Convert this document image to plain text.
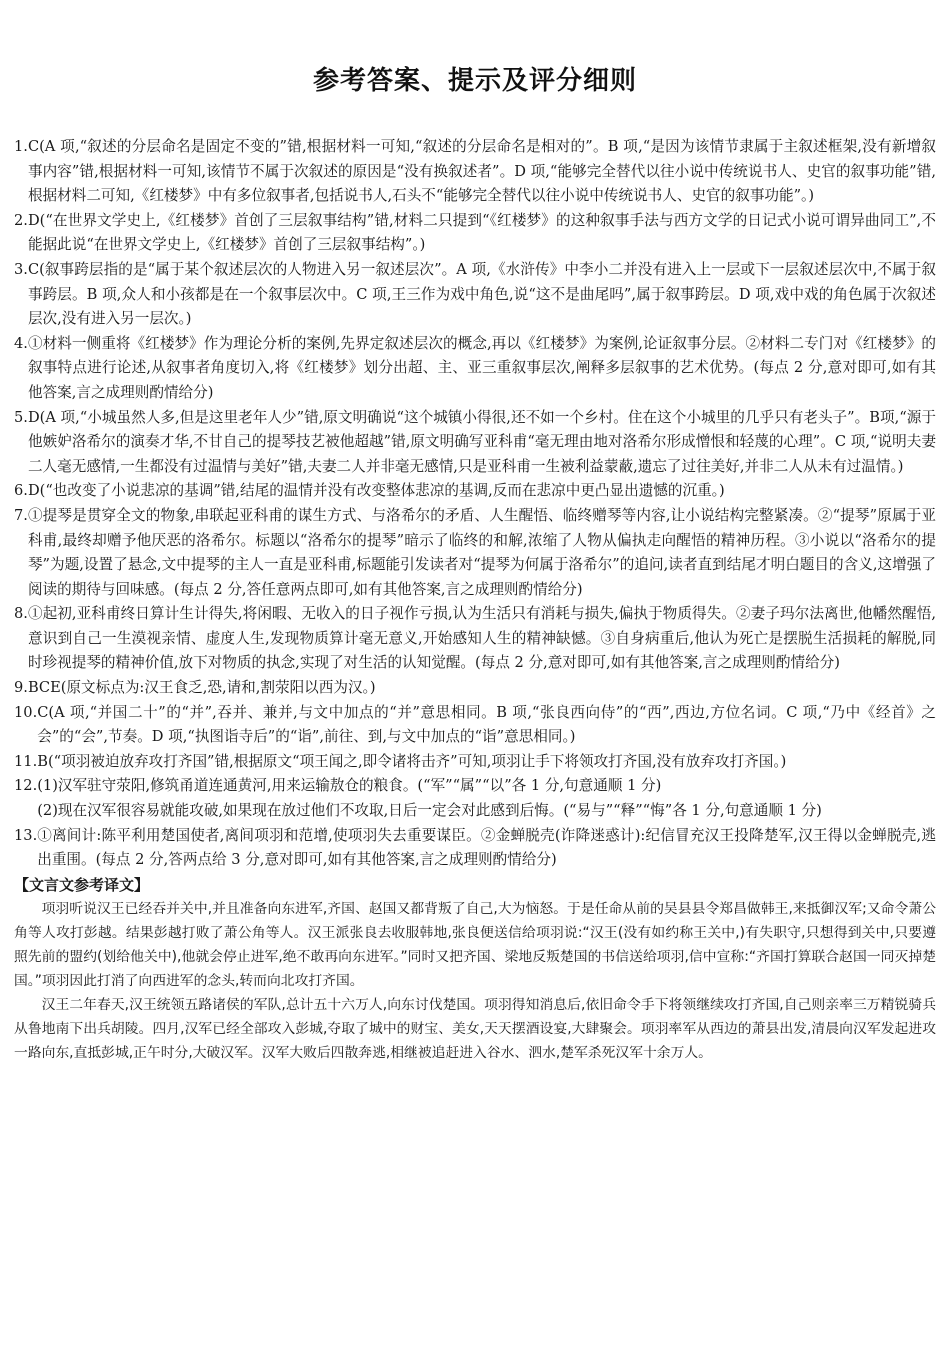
参考答案、提示及评分细则
1. C(A 项,“叙述的分层命名是固定不变的”错,根据材料一可知,“叙述的分层命名是相对的”。B 项,“是因为该情节隶属于主叙述框架,没有新增叙事内容”错,根据材料一可知,该情节不属于次叙述的原因是“没有换叙述者”。D 项,“能够完全替代以往小说中传统说书人、史官的叙事功能”错,根据材料二可知,《红楼梦》中有多位叙事者,包括说书人,石头不“能够完全替代以往小说中传统说书人、史官的叙事功能”。)
2. D(“在世界文学史上,《红楼梦》首创了三层叙事结构”错,材料二只提到“《红楼梦》的这种叙事手法与西方文学的日记式小说可谓异曲同工”,不能据此说“在世界文学史上,《红楼梦》首创了三层叙事结构”。)
3. C(叙事跨层指的是“属于某个叙述层次的人物进入另一叙述层次”。A 项,《水浒传》中李小二并没有进入上一层或下一层叙述层次中,不属于叙事跨层。B 项,众人和小孩都是在一个叙事层次中。C 项,王三作为戏中角色,说“这不是曲尾吗”,属于叙事跨层。D 项,戏中戏的角色属于次叙述层次,没有进入另一层次。)
4. ①材料一侧重将《红楼梦》作为理论分析的案例,先界定叙述层次的概念,再以《红楼梦》为案例,论证叙事分层。②材料二专门对《红楼梦》的叙事特点进行论述,从叙事者角度切入,将《红楼梦》划分出超、主、亚三重叙事层次,阐释多层叙事的艺术优势。(每点 2 分,意对即可,如有其他答案,言之成理则酌情给分)
5. D(A 项,“小城虽然人多,但是这里老年人少”错,原文明确说“这个城镇小得很,还不如一个乡村。住在这个小城里的几乎只有老头子”。B项,“源于他嫉妒洛希尔的演奏才华,不甘自己的提琴技艺被他超越”错,原文明确写亚科甫“毫无理由地对洛希尔形成憎恨和轻蔑的心理”。C 项,“说明夫妻二人毫无感情,一生都没有过温情与美好”错,夫妻二人并非毫无感情,只是亚科甫一生被利益蒙蔽,遗忘了过往美好,并非二人从未有过温情。)
6. D(“也改变了小说悲凉的基调”错,结尾的温情并没有改变整体悲凉的基调,反而在悲凉中更凸显出遗憾的沉重。)
7. ①提琴是贯穿全文的物象,串联起亚科甫的谋生方式、与洛希尔的矛盾、人生醒悟、临终赠琴等内容,让小说结构完整紧凑。②“提琴”原属于亚科甫,最终却赠予他厌恶的洛希尔。标题以“洛希尔的提琴”暗示了临终的和解,浓缩了人物从偏执走向醒悟的精神历程。③小说以“洛希尔的提琴”为题,设置了悬念,文中提琴的主人一直是亚科甫,标题能引发读者对“提琴为何属于洛希尔”的追问,读者直到结尾才明白题目的含义,这增强了阅读的期待与回味感。(每点 2 分,答任意两点即可,如有其他答案,言之成理则酌情给分)
8. ①起初,亚科甫终日算计生计得失,将闲暇、无收入的日子视作亏损,认为生活只有消耗与损失,偏执于物质得失。②妻子玛尔法离世,他幡然醒悟,意识到自己一生漠视亲情、虚度人生,发现物质算计毫无意义,开始感知人生的精神缺憾。③自身病重后,他认为死亡是摆脱生活损耗的解脱,同时珍视提琴的精神价值,放下对物质的执念,实现了对生活的认知觉醒。(每点 2 分,意对即可,如有其他答案,言之成理则酌情给分)
9. BCE(原文标点为:汉王食乏,恐,请和,割荥阳以西为汉。)
10. C(A 项,“并国二十”的“并”,吞并、兼并,与文中加点的“并”意思相同。B 项,“张良西向侍”的“西”,西边,方位名词。C 项,“乃中《经首》之会”的“会”,节奏。D 项,“执图诣寺后”的“诣”,前往、到,与文中加点的“诣”意思相同。)
11. B(“项羽被迫放弃攻打齐国”错,根据原文“项王闻之,即令诸将击齐”可知,项羽让手下将领攻打齐国,没有放弃攻打齐国。)
12. (1)汉军驻守荥阳,修筑甬道连通黄河,用来运输敖仓的粮食。(“军”“属”“以”各 1 分,句意通顺 1 分)
(2)现在汉军很容易就能攻破,如果现在放过他们不攻取,日后一定会对此感到后悔。(“易与”“释”“悔”各 1 分,句意通顺 1 分)
13. ①离间计:陈平利用楚国使者,离间项羽和范增,使项羽失去重要谋臣。②金蝉脱壳(诈降迷惑计):纪信冒充汉王投降楚军,汉王得以金蝉脱壳,逃出重围。(每点 2 分,答两点给 3 分,意对即可,如有其他答案,言之成理则酌情给分)
【文言文参考译文】

项羽听说汉王已经吞并关中,并且准备向东进军,齐国、赵国又都背叛了自己,大为恼怒。于是任命从前的吴县县令郑昌做韩王,来抵御汉军;又命令萧公角等人攻打彭越。结果彭越打败了萧公角等人。汉王派张良去收服韩地,张良便送信给项羽说:“汉王(没有如约称王关中,)有失职守,只想得到关中,只要遵照先前的盟约(划给他关中),他就会停止进军,绝不敢再向东进军。”同时又把齐国、梁地反叛楚国的书信送给项羽,信中宣称:“齐国打算联合赵国一同灭掉楚国。”项羽因此打消了向西进军的念头,转而向北攻打齐国。

汉王二年春天,汉王统领五路诸侯的军队,总计五十六万人,向东讨伐楚国。项羽得知消息后,依旧命令手下将领继续攻打齐国,自己则亲率三万精锐骑兵从鲁地南下出兵胡陵。四月,汉军已经全部攻入彭城,夺取了城中的财宝、美女,天天摆酒设宴,大肆聚会。项羽率军从西边的萧县出发,清晨向汉军发起进攻一路向东,直抵彭城,正午时分,大破汉军。汉军大败后四散奔逃,相继被追赶进入谷水、泗水,楚军杀死汉军十余万人。
